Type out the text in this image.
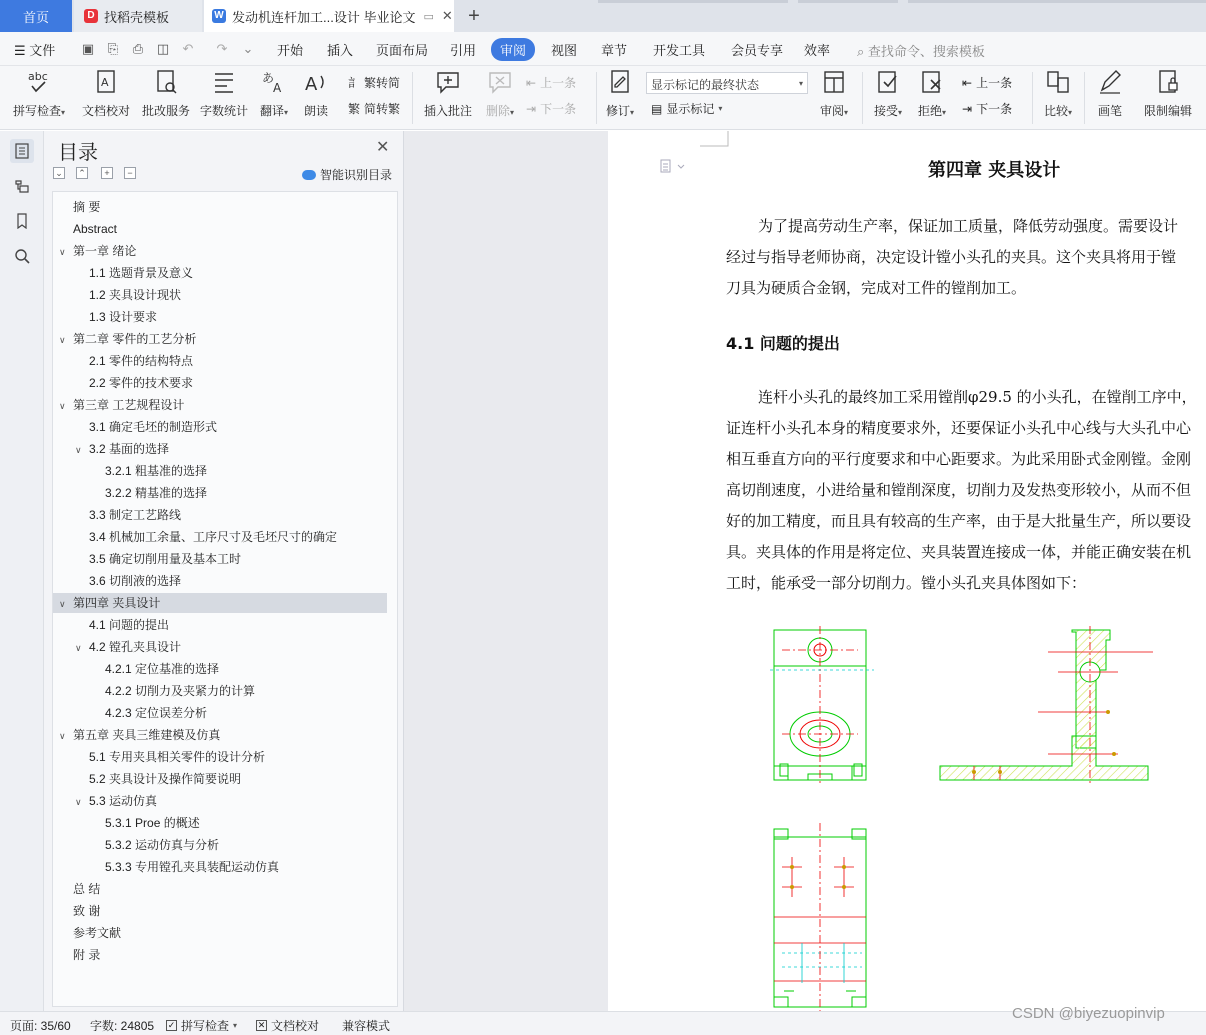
首页	D 找稻壳模板	W 发动机连杆加工...设计 毕业论文 ▭ ✕ +
☰ 文件 ▣ ⎘ ⎙ ◫ ↶ ↷ ⌄ 开始 插入 页面布局 引用	审阅	视图 章节 开发工具 会员专享 效率 ⌕ 查找命令、搜索模板
abc
拼写检查▾
A
文档校对 批改服务 字数统计
あ
A
翻译▾
A
朗读
訁 繁转简
繁 简转繁 插入批注	删除▾
⇤ 上一条
⇥ 下一条	修订▾
显示标记的最终状态	▾
▤ 显示标记 ▾	审阅▾	接受▾	拒绝▾
⇤ 上一条
⇥ 下一条	比较▾	画笔	限制编辑
目录	✕
⌄ ⌃	+	−	智能识别目录
摘 要
Abstract
∨ 第一章 绪论
1.1 选题背景及意义
1.2 夹具设计现状
1.3 设计要求
∨ 第二章 零件的工艺分析
2.1 零件的结构特点
2.2 零件的技术要求
∨ 第三章 工艺规程设计
3.1 确定毛坯的制造形式
∨ 3.2 基面的选择
3.2.1 粗基准的选择
3.2.2 精基准的选择
3.3 制定工艺路线
3.4 机械加工余量、工序尺寸及毛坯尺寸的确定
3.5 确定切削用量及基本工时
3.6 切削液的选择
∨ 第四章 夹具设计
4.1 问题的提出
∨ 4.2 镗孔夹具设计
4.2.1 定位基准的选择
4.2.2 切削力及夹紧力的计算
4.2.3 定位误差分析
∨ 第五章 夹具三维建模及仿真
5.1 专用夹具相关零件的设计分析
5.2 夹具设计及操作简要说明
∨ 5.3 运动仿真
5.3.1 Proe 的概述
5.3.2 运动仿真与分析
5.3.3 专用镗孔夹具装配运动仿真
总 结
致 谢
参考文献
附 录
第四章 夹具设计
为了提高劳动生产率，保证加工质量，降低劳动强度。需要设计
经过与指导老师协商，决定设计镗小头孔的夹具。这个夹具将用于镗
刀具为硬质合金钢，完成对工件的镗削加工。
4.1 问题的提出
连杆小头孔的最终加工采用镗削φ29.5 的小头孔，在镗削工序中，
证连杆小头孔本身的精度要求外，还要保证小头孔中心线与大头孔中心
相互垂直方向的平行度要求和中心距要求。为此采用卧式金刚镗。金刚
高切削速度，小进给量和镗削深度，切削力及发热变形较小，从而不但
好的加工精度，而且具有较高的生产率，由于是大批量生产，所以要设
具。夹具体的作用是将定位、夹具装置连接成一体，并能正确安装在机
工时，能承受一部分切削力。镗小头孔夹具体图如下：
页面: 35/60 字数: 24805 ✓ 拼写检查 ▾ ✕ 文档校对 兼容模式
CSDN @biyezuopinvip
